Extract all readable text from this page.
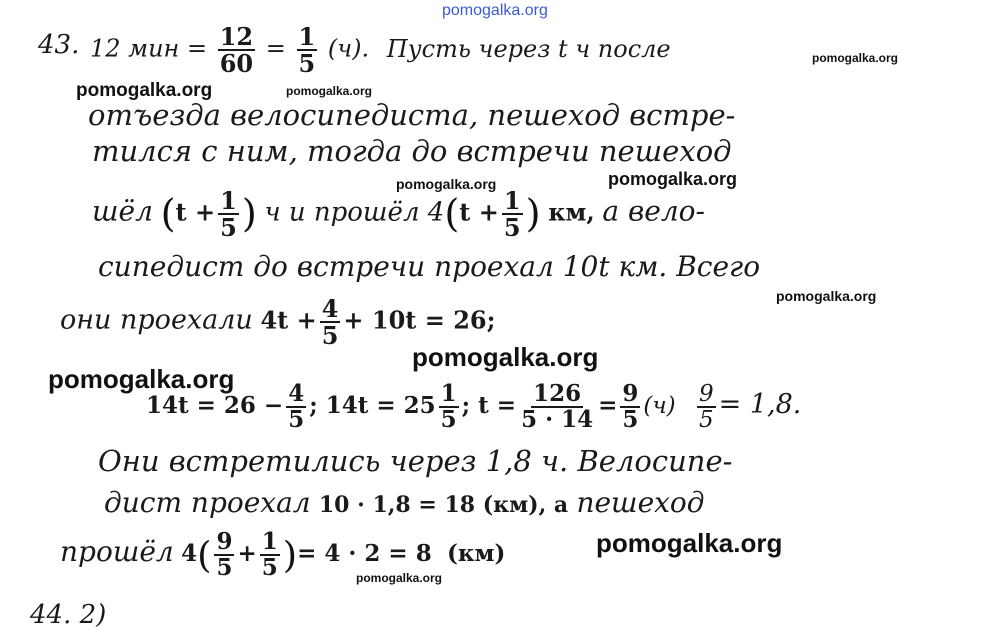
pomogalka.org
43. 12 мин = $\frac{12}{60} = \frac{1}{5} (ч)$. Пусть через t ч после	pomogalka.org
pomogalka.org	pomogalka.org
отъезда велосипедиста, пешеход встре-
тился с ним, тогда до встречи пешеход
pomogalka.org	pomogalka.org
шёл ($t + \frac{1}{5}$ ) ч и прошёл $4(t + \frac{1}{5}$ ) км, а вело-
сипедист до встречи проехал 10t км. Всего
pomogalka.org
они проехали $4t + \frac{4}{5} + 10t = 26$;
pomogalka.org
pomogalka.org
$14t = 26 - \frac{4}{5}$ ; $14t = 25 \frac{1}{5}$ ; $t = \frac{126}{5 \cdot 14} = \frac{9}{5} (ч) \frac{9}{5} = 1,8$.
Они встретились через 1,8 ч. Велосипе-
дист проехал 10 · 1,8 = 18 (км), а пешеход
pomogalka.org
прошёл $4( \frac{9}{5} + \frac{1}{5}$ )= 4 · 2 = 8 (км)
pomogalka.org
44. 2)
